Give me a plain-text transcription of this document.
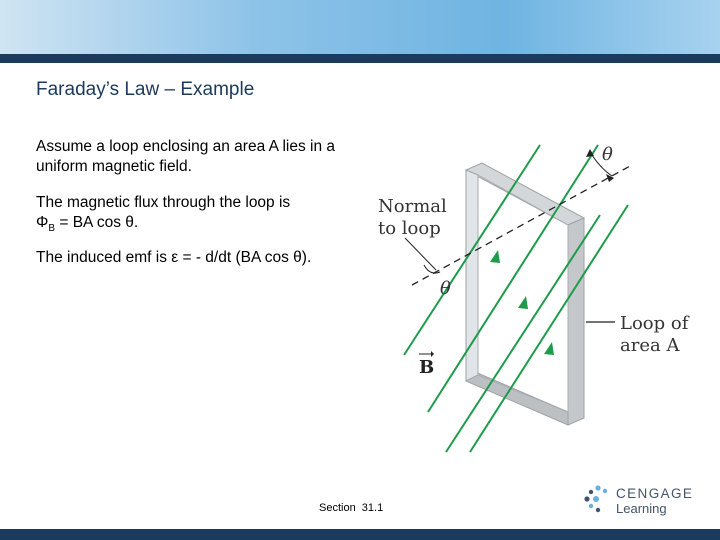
Faraday’s Law – Example
Assume a loop enclosing an area A lies in a uniform magnetic field.
The magnetic flux through the loop is
$\Phi_B$ = BA cos θ.
The induced emf is ε = - d/dt (BA cos θ).
Normal
to loop
Loop of
area A
θ
θ
B
Section  31.1
CENGAGE
Learning
